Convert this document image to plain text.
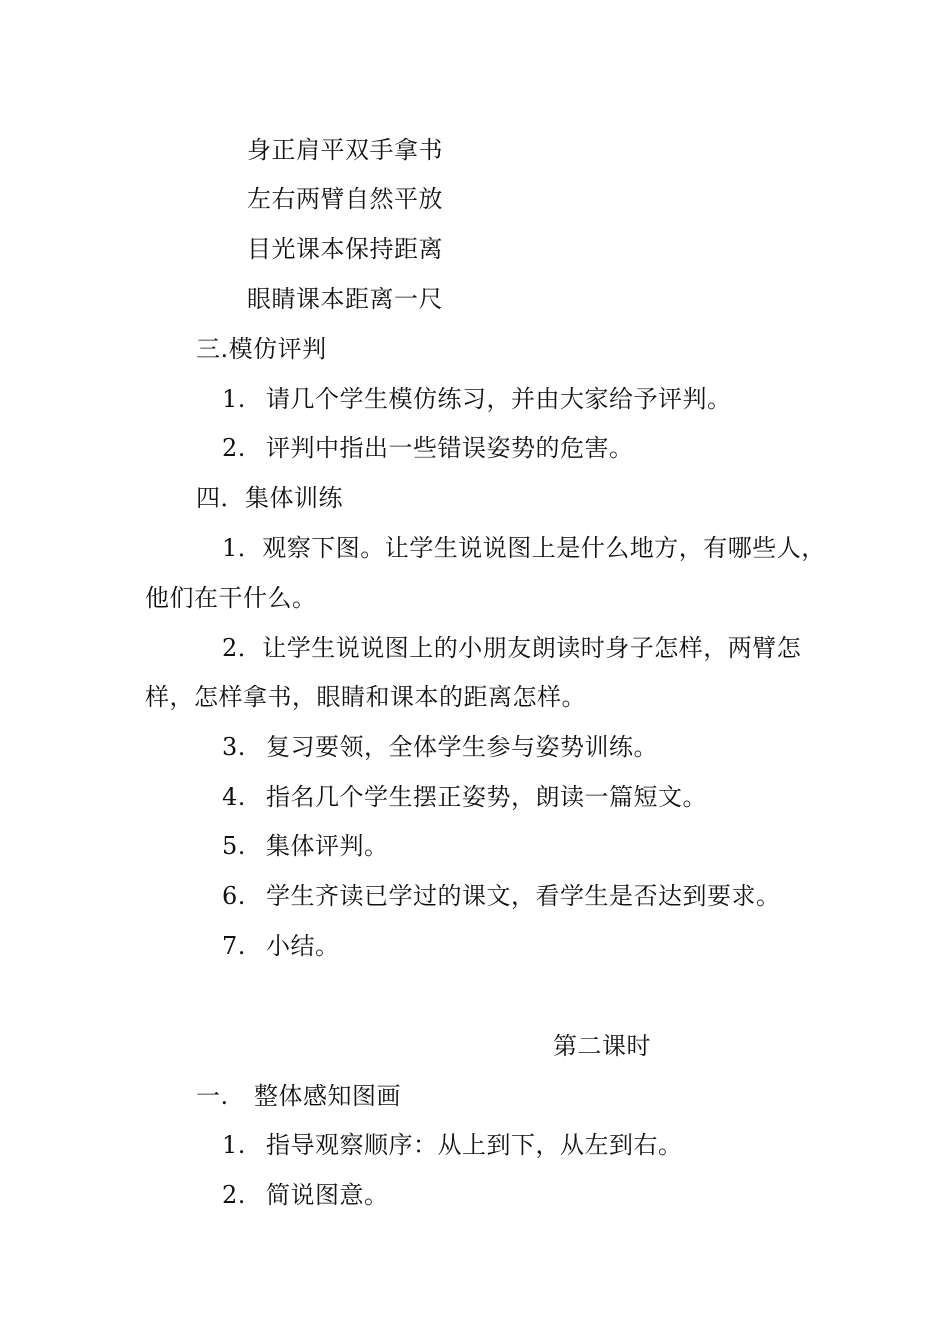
身正肩平双手拿书
左右两臂自然平放
目光课本保持距离
眼睛课本距离一尺
三.模仿评判
1. 请几个学生模仿练习，并由大家给予评判。
2. 评判中指出一些错误姿势的危害。
四．集体训练
1．观察下图。让学生说说图上是什么地方，有哪些人，
他们在干什么。
2．让学生说说图上的小朋友朗读时身子怎样，两臂怎
样，怎样拿书，眼睛和课本的距离怎样。
3. 复习要领，全体学生参与姿势训练。
4. 指名几个学生摆正姿势，朗读一篇短文。
5. 集体评判。
6. 学生齐读已学过的课文，看学生是否达到要求。
7. 小结。
第二课时
一. 整体感知图画
1. 指导观察顺序：从上到下，从左到右。
2. 简说图意。
